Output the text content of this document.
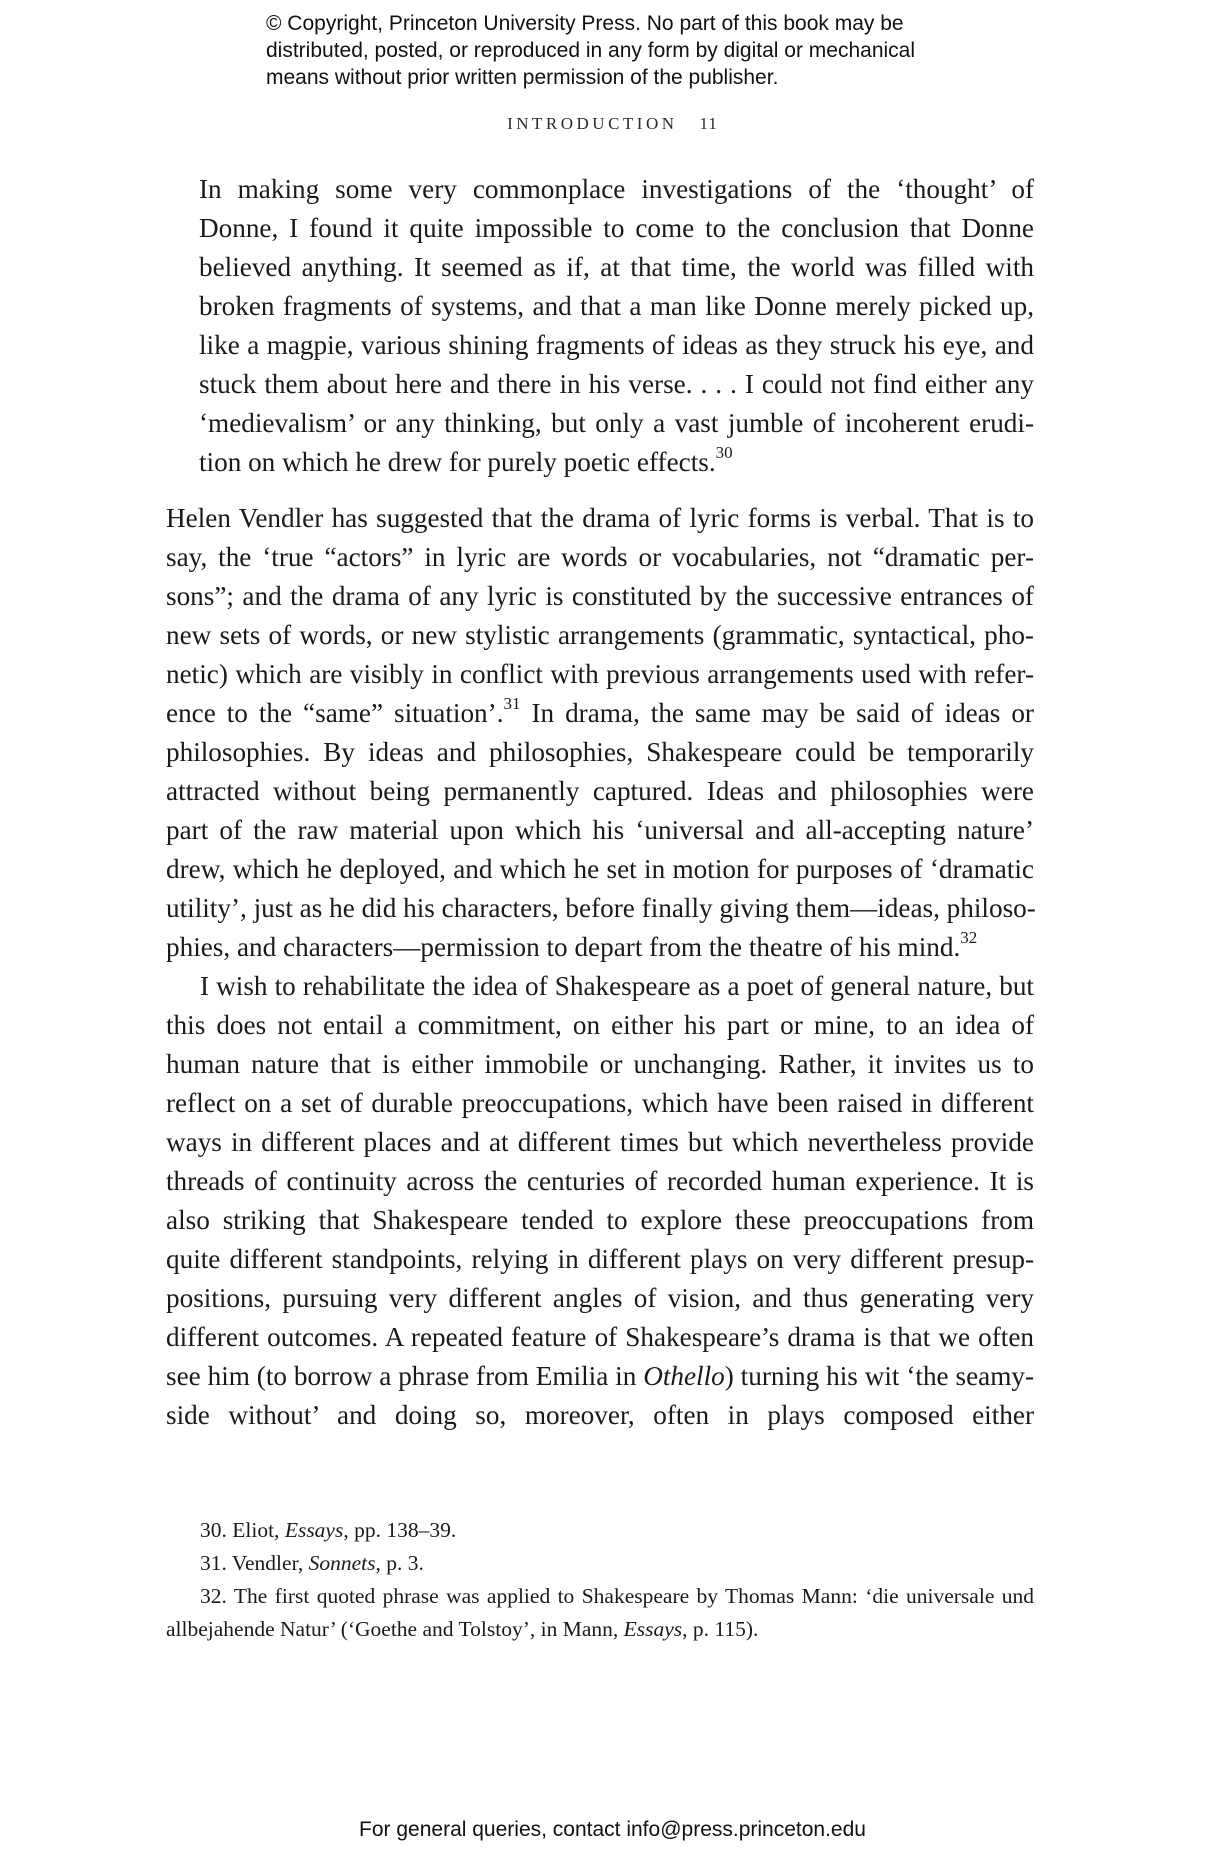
© Copyright, Princeton University Press. No part of this book may be
distributed, posted, or reproduced in any form by digital or mechanical
means without prior written permission of the publisher.
INTRODUCTION 11
In making some very commonplace investigations of the ‘thought’ of
Donne, I found it quite impossible to come to the conclusion that Donne
believed anything. It seemed as if, at that time, the world was filled with
broken fragments of systems, and that a man like Donne merely picked up,
like a magpie, various shining fragments of ideas as they struck his eye, and
stuck them about here and there in his verse. . . . I could not find either any
‘medievalism’ or any thinking, but only a vast jumble of incoherent erudi-
tion on which he drew for purely poetic effects.$^{30}$
Helen Vendler has suggested that the drama of lyric forms is verbal. That is to
say, the ‘true “actors” in lyric are words or vocabularies, not “dramatic per-
sons”; and the drama of any lyric is constituted by the successive entrances of
new sets of words, or new stylistic arrangements (grammatic, syntactical, pho-
netic) which are visibly in conflict with previous arrangements used with refer-
ence to the “same” situation’.$^{31}$ In drama, the same may be said of ideas or
philosophies. By ideas and philosophies, Shakespeare could be temporarily
attracted without being permanently captured. Ideas and philosophies were
part of the raw material upon which his ‘universal and all-accepting nature’
drew, which he deployed, and which he set in motion for purposes of ‘dramatic
utility’, just as he did his characters, before finally giving them—ideas, philoso-
phies, and characters—permission to depart from the theatre of his mind.$^{32}$
I wish to rehabilitate the idea of Shakespeare as a poet of general nature, but
this does not entail a commitment, on either his part or mine, to an idea of
human nature that is either immobile or unchanging. Rather, it invites us to
reflect on a set of durable preoccupations, which have been raised in different
ways in different places and at different times but which nevertheless provide
threads of continuity across the centuries of recorded human experience. It is
also striking that Shakespeare tended to explore these preoccupations from
quite different standpoints, relying in different plays on very different presup-
positions, pursuing very different angles of vision, and thus generating very
different outcomes. A repeated feature of Shakespeare’s drama is that we often
see him (to borrow a phrase from Emilia in Othello) turning his wit ‘the seamy-
side without’ and doing so, moreover, often in plays composed either
30. Eliot, Essays, pp. 138–39.
31. Vendler, Sonnets, p. 3.
32. The first quoted phrase was applied to Shakespeare by Thomas Mann: ‘die universale und
allbejahende Natur’ (‘Goethe and Tolstoy’, in Mann, Essays, p. 115).
For general queries, contact info@press.princeton.edu
